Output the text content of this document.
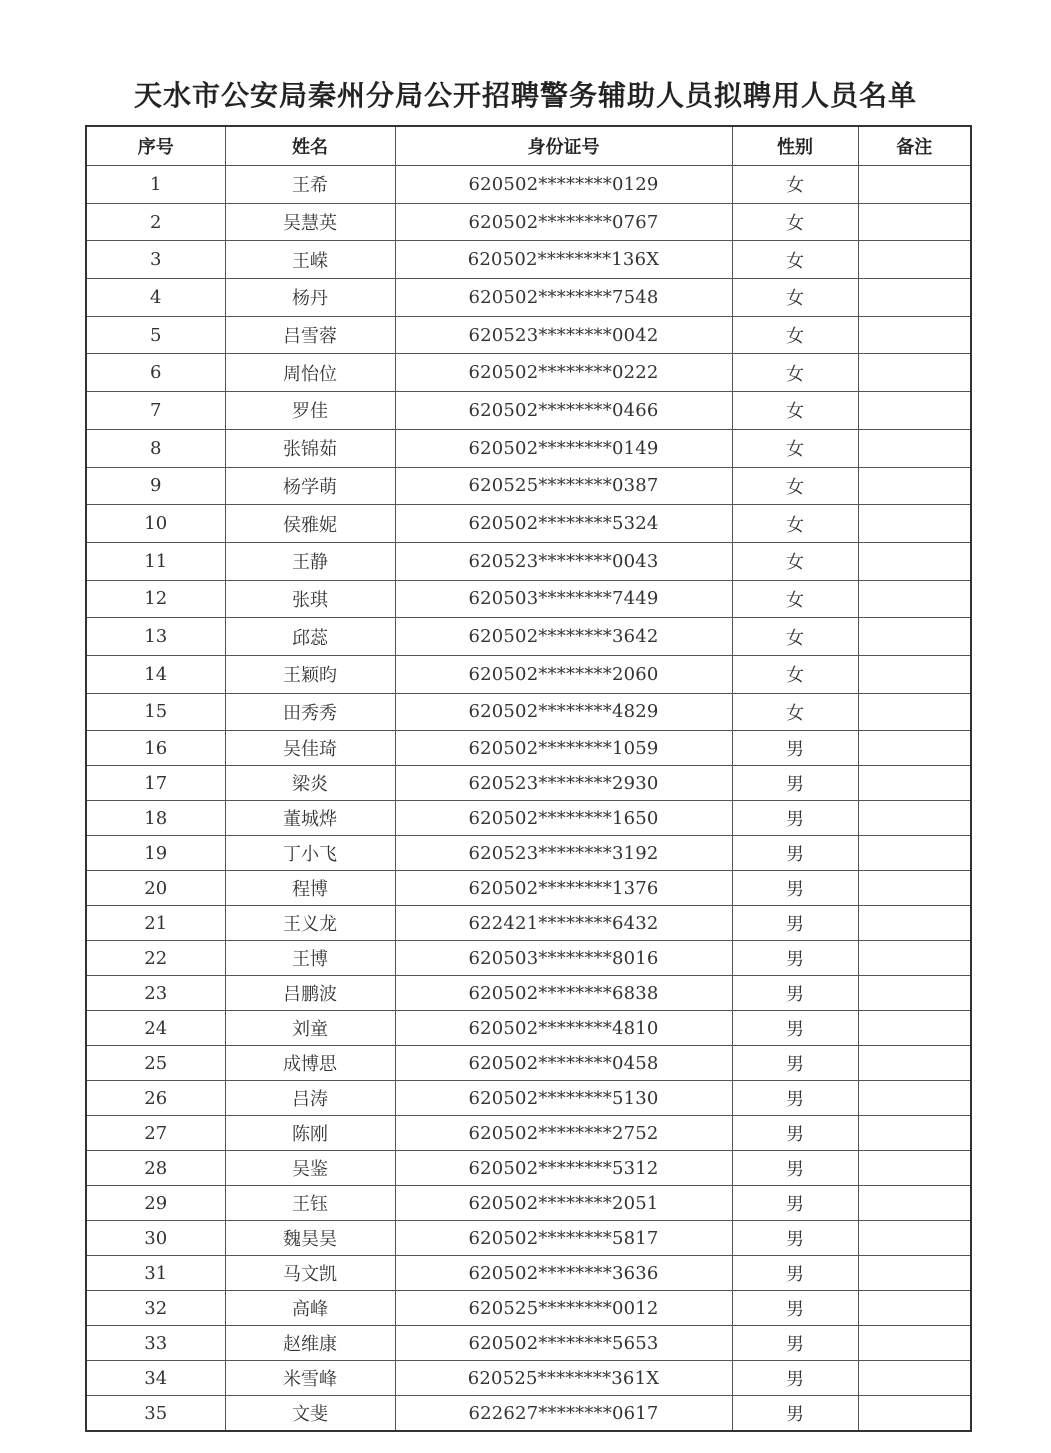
天水市公安局秦州分局公开招聘警务辅助人员拟聘用人员名单
序号	姓名	身份证号	性别	备注
1	王希	620502********0129	女	
2	吴慧英	620502********0767	女	
3	王嵘	620502********136X	女	
4	杨丹	620502********7548	女	
5	吕雪蓉	620523********0042	女	
6	周怡位	620502********0222	女	
7	罗佳	620502********0466	女	
8	张锦茹	620502********0149	女	
9	杨学萌	620525********0387	女	
10	侯雅妮	620502********5324	女	
11	王静	620523********0043	女	
12	张琪	620503********7449	女	
13	邱蕊	620502********3642	女	
14	王颖昀	620502********2060	女	
15	田秀秀	620502********4829	女	
16	吴佳琦	620502********1059	男	
17	梁炎	620523********2930	男	
18	董城烨	620502********1650	男	
19	丁小飞	620523********3192	男	
20	程博	620502********1376	男	
21	王义龙	622421********6432	男	
22	王博	620503********8016	男	
23	吕鹏波	620502********6838	男	
24	刘童	620502********4810	男	
25	成博思	620502********0458	男	
26	吕涛	620502********5130	男	
27	陈刚	620502********2752	男	
28	吴鉴	620502********5312	男	
29	王钰	620502********2051	男	
30	魏昊昊	620502********5817	男	
31	马文凯	620502********3636	男	
32	高峰	620525********0012	男	
33	赵维康	620502********5653	男	
34	米雪峰	620525********361X	男	
35	文斐	622627********0617	男	
